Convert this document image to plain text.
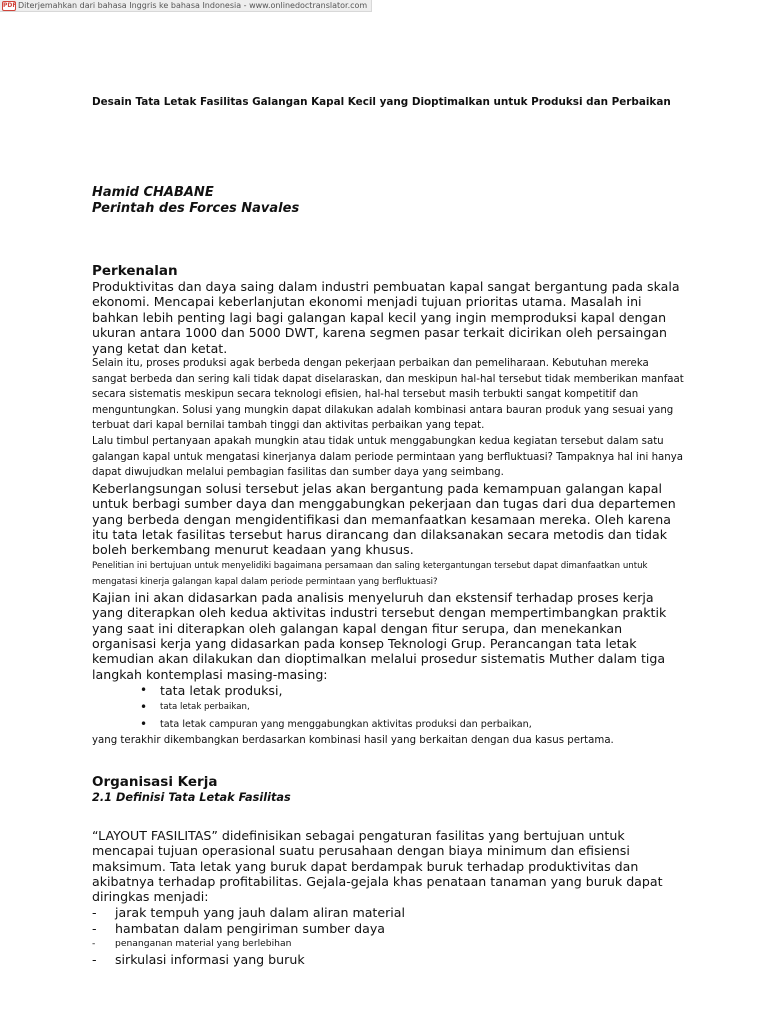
PDF Diterjemahkan dari bahasa Inggris ke bahasa Indonesia - www.onlinedoctranslator.com

Desain Tata Letak Fasilitas Galangan Kapal Kecil yang Dioptimalkan untuk Produksi dan Perbaikan

Hamid CHABANE
Perintah des Forces Navales
Perkenalan

Produktivitas dan daya saing dalam industri pembuatan kapal sangat bergantung pada skala ekonomi. Mencapai keberlanjutan ekonomi menjadi tujuan prioritas utama. Masalah ini bahkan lebih penting lagi bagi galangan kapal kecil yang ingin memproduksi kapal dengan ukuran antara 1000 dan 5000 DWT, karena segmen pasar terkait dicirikan oleh persaingan yang ketat dan ketat.

Selain itu, proses produksi agak berbeda dengan pekerjaan perbaikan dan pemeliharaan. Kebutuhan mereka sangat berbeda dan sering kali tidak dapat diselaraskan, dan meskipun hal-hal tersebut tidak memberikan manfaat secara sistematis meskipun secara teknologi efisien, hal-hal tersebut masih terbukti sangat kompetitif dan menguntungkan. Solusi yang mungkin dapat dilakukan adalah kombinasi antara bauran produk yang sesuai yang terbuat dari kapal bernilai tambah tinggi dan aktivitas perbaikan yang tepat.

Lalu timbul pertanyaan apakah mungkin atau tidak untuk menggabungkan kedua kegiatan tersebut dalam satu galangan kapal untuk mengatasi kinerjanya dalam periode permintaan yang berfluktuasi? Tampaknya hal ini hanya dapat diwujudkan melalui pembagian fasilitas dan sumber daya yang seimbang.

Keberlangsungan solusi tersebut jelas akan bergantung pada kemampuan galangan kapal untuk berbagi sumber daya dan menggabungkan pekerjaan dan tugas dari dua departemen yang berbeda dengan mengidentifikasi dan memanfaatkan kesamaan mereka. Oleh karena itu tata letak fasilitas tersebut harus dirancang dan dilaksanakan secara metodis dan tidak boleh berkembang menurut keadaan yang khusus.

Penelitian ini bertujuan untuk menyelidiki bagaimana persamaan dan saling ketergantungan tersebut dapat dimanfaatkan untuk mengatasi kinerja galangan kapal dalam periode permintaan yang berfluktuasi?

Kajian ini akan didasarkan pada analisis menyeluruh dan ekstensif terhadap proses kerja yang diterapkan oleh kedua aktivitas industri tersebut dengan mempertimbangkan praktik yang saat ini diterapkan oleh galangan kapal dengan fitur serupa, dan menekankan organisasi kerja yang didasarkan pada konsep Teknologi Grup. Perancangan tata letak kemudian akan dilakukan dan dioptimalkan melalui prosedur sistematis Muther dalam tiga langkah kontemplasi masing-masing:

• tata letak produksi,
• tata letak perbaikan,
• tata letak campuran yang menggabungkan aktivitas produksi dan perbaikan,

yang terakhir dikembangkan berdasarkan kombinasi hasil yang berkaitan dengan dua kasus pertama.

Organisasi Kerja

2.1 Definisi Tata Letak Fasilitas

“LAYOUT FASILITAS” didefinisikan sebagai pengaturan fasilitas yang bertujuan untuk mencapai tujuan operasional suatu perusahaan dengan biaya minimum dan efisiensi maksimum. Tata letak yang buruk dapat berdampak buruk terhadap produktivitas dan akibatnya terhadap profitabilitas. Gejala-gejala khas penataan tanaman yang buruk dapat diringkas menjadi:

- jarak tempuh yang jauh dalam aliran material
- hambatan dalam pengiriman sumber daya
- penanganan material yang berlebihan
- sirkulasi informasi yang buruk
